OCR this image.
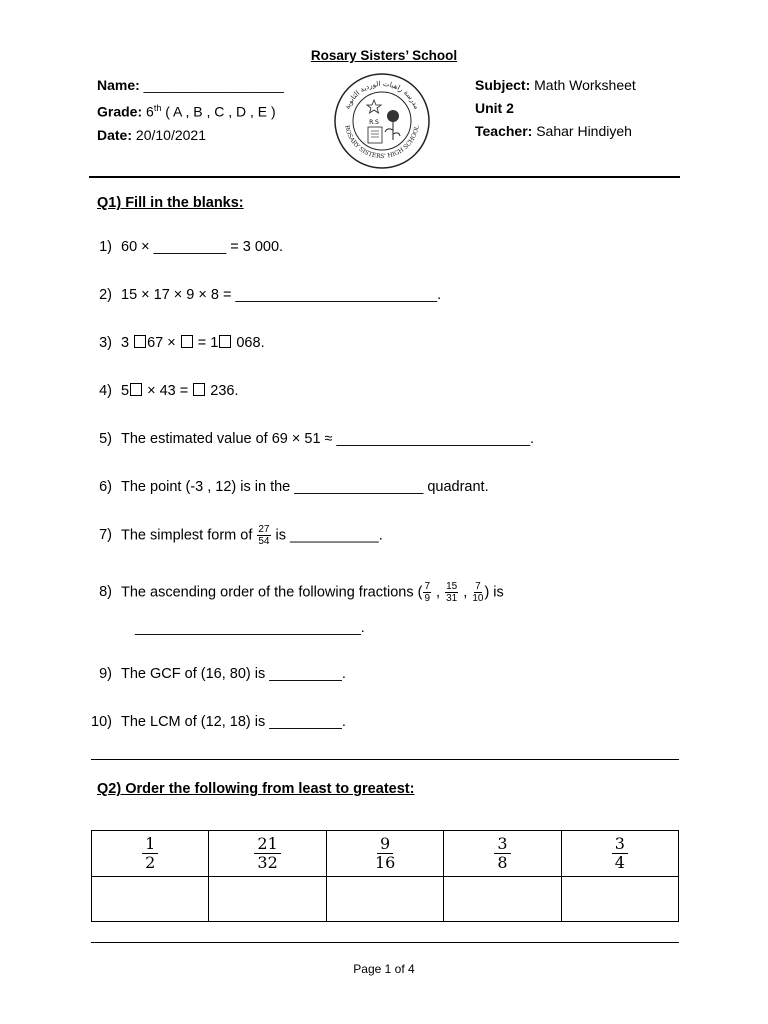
Rosary Sisters’ School
Name: __________________
Grade: 6th ( A , B , C , D , E )
Date: 20/10/2021
مدرسة راهبات الوردية الثانوية
ROSARY SISTERS' HIGH SCHOOL
R.S
Subject: Math Worksheet
Unit 2
Teacher: Sahar Hindiyeh
Q1) Fill in the blanks:
1) 60 × _________ = 3 000.
2) 15 × 17 × 9 × 8 = _________________________.
3) 3 67 ×  = 1 068.
4) 5 × 43 =  236.
5) The estimated value of 69 × 51 ≈ ________________________.
6) The point (-3 , 12) is in the ________________ quadrant.
7) The simplest form of $\frac{27}{54}$ is ___________.
8) The ascending order of the following fractions ( $\frac{7}{9}$ , $\frac{15}{31}$ , $\frac{7}{10}$ ) is
____________________________.
9) The GCF of (16, 80) is _________.
10) The LCM of (12, 18) is _________.
Q2) Order the following from least to greatest:
$\frac{1}{2}$	$\frac{21}{32}$	$\frac{9}{16}$	$\frac{3}{8}$	$\frac{3}{4}$

Page 1 of 4
